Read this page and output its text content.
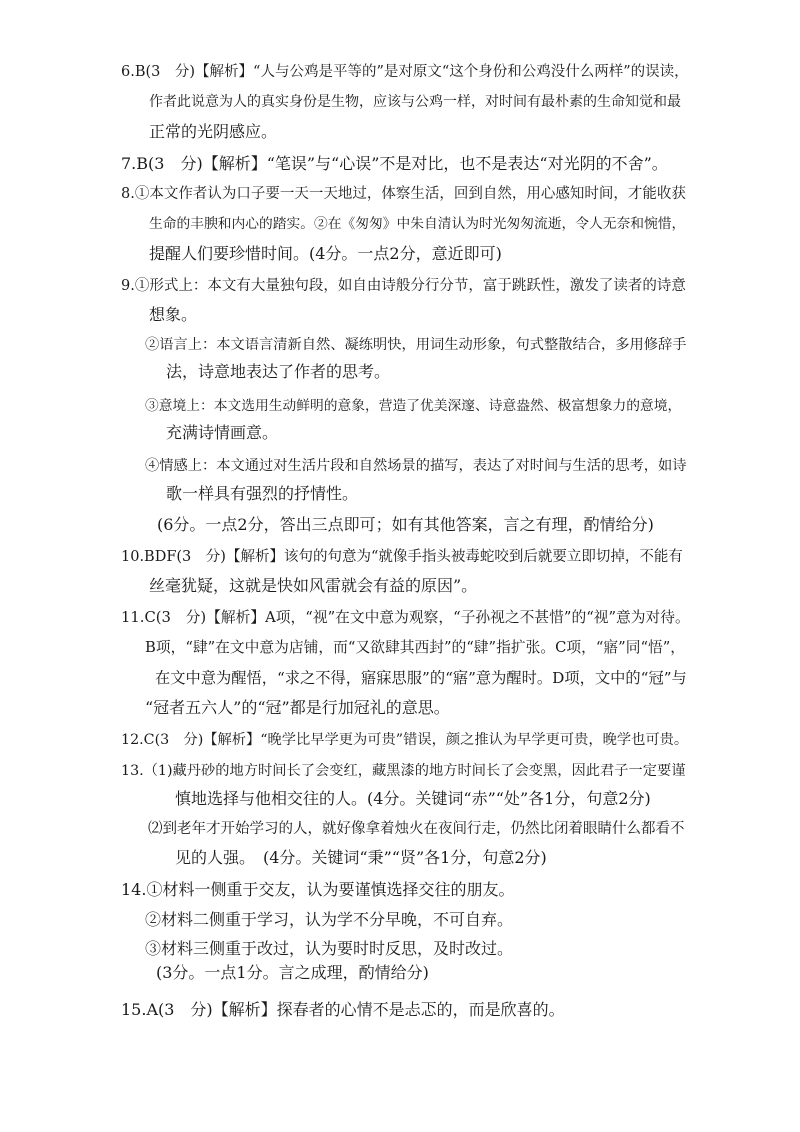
6.B(3　分)【解析】“人与公鸡是平等的”是对原文“这个身份和公鸡没什么两样”的误读，
作者此说意为人的真实身份是生物，应该与公鸡一样，对时间有最朴素的生命知觉和最
正常的光阴感应。
7.B(3　分)【解析】“笔误”与“心误”不是对比，也不是表达“对光阴的不舍”。
8.①本文作者认为口子要一天一天地过，体察生活，回到自然，用心感知时间，才能收获
生命的丰腴和内心的踏实。②在《匆匆》中朱自清认为时光匆匆流逝，令人无奈和惋惜，
提醒人们要珍惜时间。(4分。一点2分，意近即可)
9.①形式上：本文有大量独句段，如自由诗般分行分节，富于跳跃性，激发了读者的诗意
想象。
②语言上：本文语言清新自然、凝练明快，用词生动形象，句式整散结合，多用修辞手
法，诗意地表达了作者的思考。
③意境上：本文选用生动鲜明的意象，营造了优美深邃、诗意盎然、极富想象力的意境，
充满诗情画意。
④情感上：本文通过对生活片段和自然场景的描写，表达了对时间与生活的思考，如诗
歌一样具有强烈的抒情性。
(6分。一点2分，答出三点即可；如有其他答案，言之有理，酌情给分)
10.BDF(3　分)【解析】该句的句意为“就像手指头被毒蛇咬到后就要立即切掉，不能有
丝毫犹疑，这就是快如风雷就会有益的原因”。
11.C(3　分)【解析】A项，“视”在文中意为观察，“子孙视之不甚惜”的“视”意为对待。
B项，“肆”在文中意为店铺，而“又欲肆其西封”的“肆”指扩张。C项，“寤”同“悟”，
在文中意为醒悟，“求之不得，寤寐思服”的“寤”意为醒时。D项，文中的“冠”与
“冠者五六人”的“冠”都是行加冠礼的意思。
12.C(3　分)【解析】“晚学比早学更为可贵”错误，颜之推认为早学更可贵，晚学也可贵。
13.（1)藏丹砂的地方时间长了会变红，藏黑漆的地方时间长了会变黑，因此君子一定要谨
慎地选择与他相交往的人。(4分。关键词“赤”“处”各1分，句意2分)
⑵到老年才开始学习的人，就好像拿着烛火在夜间行走，仍然比闭着眼睛什么都看不
见的人强。　(4分。关键词“秉”“贤”各1分，句意2分)
14.①材料一侧重于交友，认为要谨慎选择交往的朋友。
②材料二侧重于学习，认为学不分早晚，不可自弃。
③材料三侧重于改过，认为要时时反思，及时改过。
(3分。一点1分。言之成理，酌情给分)
15.A(3　分)【解析】探春者的心情不是忐忑的，而是欣喜的。
